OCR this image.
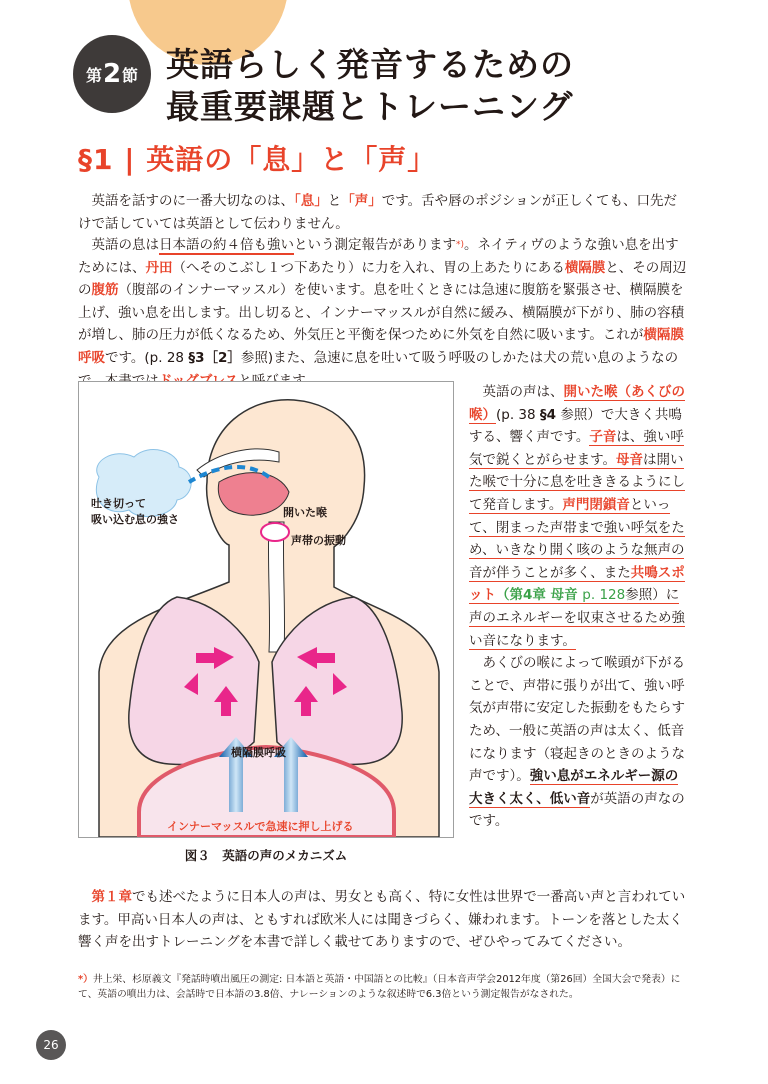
第 2 節 英語らしく発音するための
最重要課題とトレーニング
§1 | 英語の「息」と「声」
英語を話すのに一番大切なのは、「息」と「声」です。舌や唇のポジションが正しくても、口先だけで話していては英語として伝わりません。
英語の息は日本語の約４倍も強いという測定報告があります*)。ネイティヴのような強い息を出すためには、丹田（へそのこぶし１つ下あたり）に力を入れ、胃の上あたりにある横隔膜と、その周辺の腹筋（腹部のインナーマッスル）を使います。息を吐くときには急速に腹筋を緊張させ、横隔膜を上げ、強い息を出します。出し切ると、インナーマッスルが自然に緩み、横隔膜が下がり、肺の容積が増し、肺の圧力が低くなるため、外気圧と平衡を保つために外気を自然に吸います。これが横隔膜呼吸です。(p. 28 §3［2］参照)また、急速に息を吐いて吸う呼吸のしかたは犬の荒い息のようなの
吐き切って
吸い込む息の強さ
開いた喉
声帯の振動
横隔膜呼吸
インナーマッスルで急速に押し上げる
図３　英語の声のメカニズム

英語の声は、開いた喉（あくびの喉）(p. 38 §4 参照）で大きく共鳴する、響く声です。子音は、強い呼気で鋭くとがらせます。母音は開いた喉で十分に息を吐ききるようにして発音します。声門閉鎖音といって、閉まった声帯まで強い呼気をため、いきなり開く咳のような無声の音が伴うことが多く、また共鳴スポット（第4章 母音 p. 128参照）に声のエネルギーを収束させるため強い音になります。

あくびの喉によって喉頭が下がることで、声帯に張りが出て、強い呼気が声帯に安定した振動をもたらすため、一般に英語の声は太く、低音になります（寝起きのときのような声です）。強い息がエネルギー源の大きく太く、低い音が英語の声なのです。

第１章でも述べたように日本人の声は、男女とも高く、特に女性は世界で一番高い声と言われています。甲高い日本人の声は、ともすれば欧米人には聞きづらく、嫌われます。トーンを落とした太く響く声を出すトレーニングを本書で詳しく載せてありますので、ぜひやってみてください。
*）井上栄、杉原義文『発話時噴出風圧の測定: 日本語と英語・中国語との比較』（日本音声学会2012年度（第26回）全国大会で発表）にて、英語の噴出力は、会話時で日本語の3.8倍、ナレーションのような叙述時で6.3倍という測定報告がなされた。
26
